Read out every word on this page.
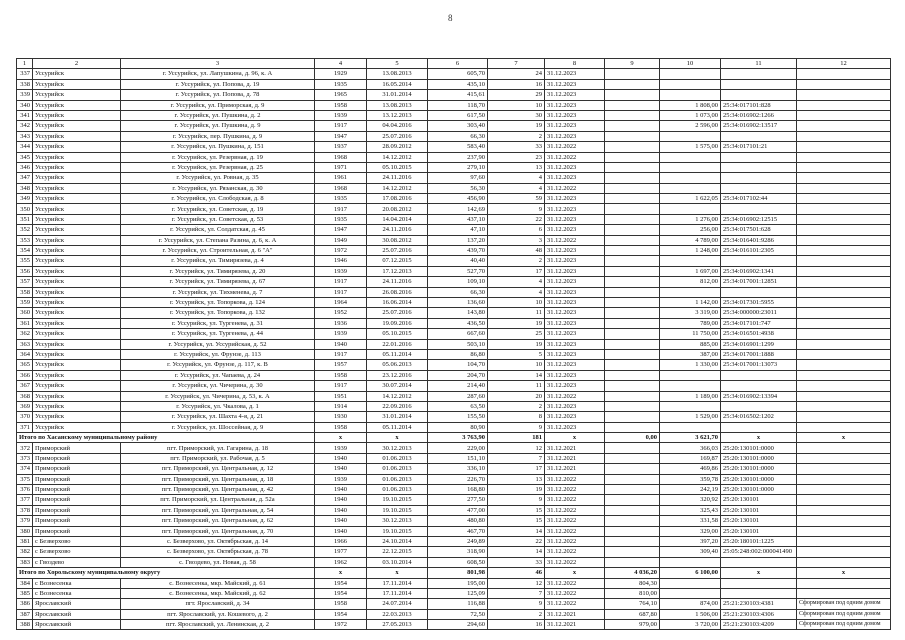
8
1	2	3	4	5	6	7	8	9	10	11	12
337	Уссурийск	г. Уссурийск, ул. Лапушкина, д. 96, к. А	1929	13.08.2013	605,70	24	31.12.2023				
338	Уссурийск	г. Уссурийск, ул. Попова, д. 19	1935	16.05.2014	435,10	16	31.12.2023				
339	Уссурийск	г. Уссурийск, ул. Попова, д. 78	1965	31.01.2014	415,61	29	31.12.2023				
340	Уссурийск	г. Уссурийск, ул. Приморская, д. 9	1958	13.08.2013	118,70	10	31.12.2023		1 808,00	25:34:017101:828	
341	Уссурийск	г. Уссурийск, ул. Пушкина, д. 2	1939	13.12.2013	617,50	30	31.12.2023		1 073,00	25:34:016902:1266	
342	Уссурийск	г. Уссурийск, ул. Пушкина, д. 9	1917	04.04.2016	303,40	19	31.12.2023		2 596,00	25:34:016902:13517	
343	Уссурийск	г. Уссурийск, пер. Пушкина, д. 9	1947	25.07.2016	66,30	2	31.12.2023				
344	Уссурийск	г. Уссурийск, ул. Пушкина, д. 151	1937	28.09.2012	583,40	33	31.12.2022		1 575,00	25:34:017101:21	
345	Уссурийск	г. Уссурийск, ул. Резервная, д. 19	1968	14.12.2012	237,90	23	31.12.2022				
346	Уссурийск	г. Уссурийск, ул. Резервная, д. 25	1971	05.10.2015	279,10	13	31.12.2023				
347	Уссурийск	г. Уссурийск, ул. Ровная, д. 35	1961	24.11.2016	97,60	4	31.12.2023				
348	Уссурийск	г. Уссурийск, ул. Рязанская, д. 30	1968	14.12.2012	56,30	4	31.12.2022				
349	Уссурийск	г. Уссурийск, ул. Слободская, д. 8	1935	17.08.2016	456,90	59	31.12.2023		1 622,05	25:34:017102:44	
350	Уссурийск	г. Уссурийск, ул. Советская, д. 19	1917	20.08.2012	142,69	9	31.12.2023				
351	Уссурийск	г. Уссурийск, ул. Советская, д. 53	1935	14.04.2014	437,10	22	31.12.2023		1 276,00	25:34:016902:12515	
352	Уссурийск	г. Уссурийск, ул. Солдатская, д. 45	1947	24.11.2016	47,10	6	31.12.2023		256,00	25:34:017501:628	
353	Уссурийск	г. Уссурийск, ул. Степана Разина, д. 6, к. А	1949	30.08.2012	137,20	3	31.12.2022		4 789,00	25:34:016401:9286	
354	Уссурийск	г. Уссурийск, ул. Строительная, д. 6 "А"	1972	25.07.2016	439,70	48	31.12.2023		1 248,00	25:34:016101:2305	
355	Уссурийск	г. Уссурийск, ул. Тимирязева, д. 4	1946	07.12.2015	40,40	2	31.12.2023				
356	Уссурийск	г. Уссурийск, ул. Тимирязева, д. 20	1939	17.12.2013	527,70	17	31.12.2023		1 697,00	25:34:016902:1341	
357	Уссурийск	г. Уссурийск, ул. Тимирязева, д. 67	1917	24.11.2016	109,10	4	31.12.2023		812,00	25:34:017001:12851	
358	Уссурийск	г. Уссурийск, ул. Тихменева, д. 7	1917	26.08.2016	66,30	4	31.12.2023				
359	Уссурийск	г. Уссурийск, ул. Топоркова, д. 124	1964	16.06.2014	136,60	10	31.12.2023		1 142,00	25:34:017301:5955	
360	Уссурийск	г. Уссурийск, ул. Топоркова, д. 132	1952	25.07.2016	143,80	11	31.12.2023		3 319,00	25:34:000000:23011	
361	Уссурийск	г. Уссурийск, ул. Тургенева, д. 31	1936	19.09.2016	436,50	19	31.12.2023		789,00	25:34:017101:747	
362	Уссурийск	г. Уссурийск, ул. Тургенева, д. 44	1939	05.10.2015	667,60	25	31.12.2023		11 750,00	25:34:016501:4938	
363	Уссурийск	г. Уссурийск, ул. Уссурийская, д. 52	1940	22.01.2016	503,10	19	31.12.2023		885,00	25:34:016901:1299	
364	Уссурийск	г. Уссурийск, ул. Фрунзе, д. 113	1917	05.11.2014	86,80	5	31.12.2023		387,00	25:34:017001:1888	
365	Уссурийск	г. Уссурийск, ул. Фрунзе, д. 117, к. В	1957	05.06.2013	104,70	10	31.12.2023		1 330,00	25:34:017001:13073	
366	Уссурийск	г. Уссурийск, ул. Чапаева, д. 24	1958	23.12.2016	204,70	14	31.12.2023				
367	Уссурийск	г. Уссурийск, ул. Чичерина, д. 30	1917	30.07.2014	214,40	11	31.12.2023				
368	Уссурийск	г. Уссурийск, ул. Чичерина, д. 53, к. А	1951	14.12.2012	287,60	20	31.12.2022		1 189,00	25:34:016902:13394	
369	Уссурийск	г. Уссурийск, ул. Чкалова, д. 1	1914	22.09.2016	63,50	2	31.12.2023				
370	Уссурийск	г. Уссурийск, ул. Шахта 4-я, д. 21	1930	31.01.2014	155,50	8	31.12.2023		1 529,00	25:34:016502:1202	
371	Уссурийск	г. Уссурийск, ул. Шоссейная, д. 9	1958	05.11.2014	80,90	9	31.12.2023				
Итого по Хасанскому муниципальному району			x	x	3 763,90	181	x	0,00	3 621,70	x	x
372	Приморский	пгт. Приморский, ул. Гагарина, д. 18	1939	30.12.2013	229,00	12	31.12.2021		366,03	25:20:130101:0000	
373	Приморский	пгт. Приморский, ул. Рабочая, д. 5	1940	01.06.2013	151,10	7	31.12.2021		169,87	25:20:130101:0000	
374	Приморский	пгт. Приморский, ул. Центральная, д. 12	1940	01.06.2013	336,10	17	31.12.2021		469,86	25:20:130101:0000	
375	Приморский	пгт. Приморский, ул. Центральная, д. 18	1939	01.06.2013	226,70	13	31.12.2022		359,78	25:20:130101:0000	
376	Приморский	пгт. Приморский, ул. Центральная, д. 42	1940	01.06.2013	168,80	19	31.12.2022		242,19	25:20:130101:0000	
377	Приморский	пгт. Приморский, ул. Центральная, д. 52а	1940	19.10.2015	277,50	9	31.12.2022		320,92	25:20:130101	
378	Приморский	пгт. Приморский, ул. Центральная, д. 54	1940	19.10.2015	477,00	15	31.12.2022		325,43	25:20:130101	
379	Приморский	пгт. Приморский, ул. Центральная, д. 62	1940	30.12.2013	480,80	15	31.12.2022		331,58	25:20:130101	
380	Приморский	пгт. Приморский, ул. Центральная, д. 70	1940	19.10.2015	467,70	14	31.12.2022		329,00	25:20:130101	
381	с Безверхово	с. Безверхово, ул. Октябрьская, д. 14	1966	24.10.2014	249,89	22	31.12.2022		397,20	25:20:180101:1225	
382	с Безверхово	с. Безверхово, ул. Октябрьская, д. 78	1977	22.12.2015	318,90	14	31.12.2022		309,40	25:05:248:002:000041490	
383	с Гвоздево	с. Гвоздево, ул. Новая, д. 58	1962	03.10.2014	608,50	33	31.12.2022				
Итого по Хорольскому муниципальному округу			x	x	801,98	46	x	4 036,20	6 100,00	x	x
384	с Вознесенка	с. Вознесенка, мкр. Майский, д. 61	1954	17.11.2014	195,00	12	31.12.2022	804,30			
385	с Вознесенка	с. Вознесенка, мкр. Майский, д. 62	1954	17.11.2014	125,09	7	31.12.2022	810,00			
386	Ярославский	пгт. Ярославский, д. 34	1958	24.07.2014	116,88	9	31.12.2022	764,10	874,00	25:21:230103:4381	Сформирован под одним домом
387	Ярославский	пгт. Ярославский, ул. Кошевого, д. 2	1954	22.03.2013	72,50	2	31.12.2021	687,80	1 506,00	25:21:230103:4306	Сформирован под одним домом
388	Ярославский	пгт. Ярославский, ул. Ленинская, д. 2	1972	27.05.2013	294,60	16	31.12.2021	979,00	3 720,00	25:21:230103:4209	Сформирован под одним домом
